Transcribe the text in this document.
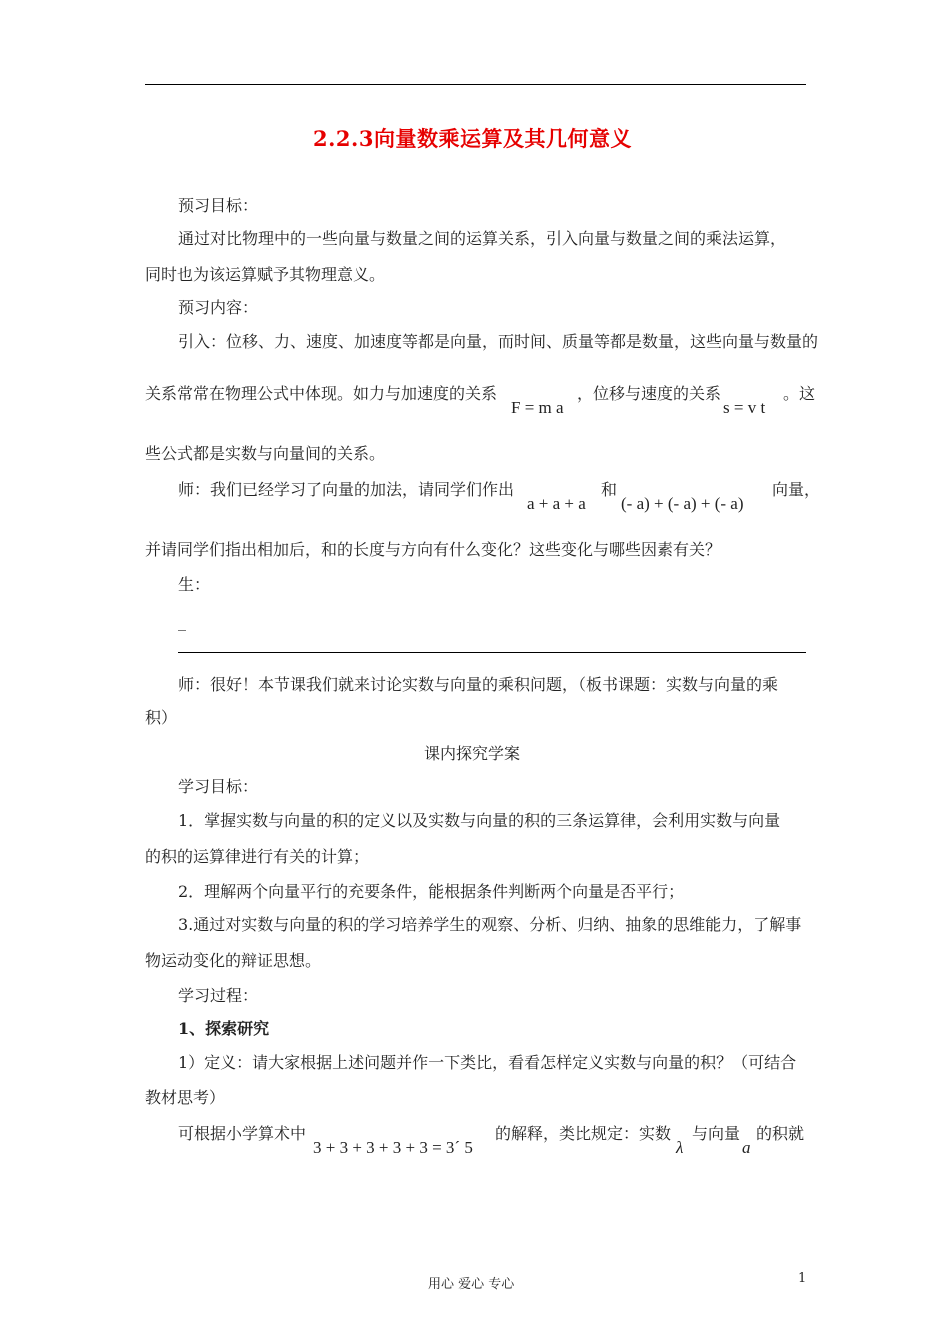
2.2.3向量数乘运算及其几何意义
预习目标：
通过对比物理中的一些向量与数量之间的运算关系，引入向量与数量之间的乘法运算，
同时也为该运算赋予其物理意义。
预习内容：
引入：位移、力、速度、加速度等都是向量，而时间、质量等都是数量，这些向量与数量的
关系常常在物理公式中体现。如力与加速度的关系
F = m a
，位移与速度的关系
s = v t
。这
些公式都是实数与向量间的关系。
师：我们已经学习了向量的加法，请同学们作出
a + a + a
和
(- a) + (- a) + (- a)
向量，
并请同学们指出相加后，和的长度与方向有什么变化？这些变化与哪些因素有关？
生：
_
师：很好！本节课我们就来讨论实数与向量的乘积问题，（板书课题：实数与向量的乘
积）
课内探究学案
学习目标：
1．掌握实数与向量的积的定义以及实数与向量的积的三条运算律，会利用实数与向量
的积的运算律进行有关的计算；
2．理解两个向量平行的充要条件，能根据条件判断两个向量是否平行；
3.通过对实数与向量的积的学习培养学生的观察、分析、归纳、抽象的思维能力，了解事
物运动变化的辩证思想。
学习过程：
1、探索研究
1）定义：请大家根据上述问题并作一下类比，看看怎样定义实数与向量的积？（可结合
教材思考）
可根据小学算术中
3 + 3 + 3 + 3 + 3 = 3´ 5
的解释，类比规定：实数
λ
与向量
a
的积就
用心 爱心 专心	1
